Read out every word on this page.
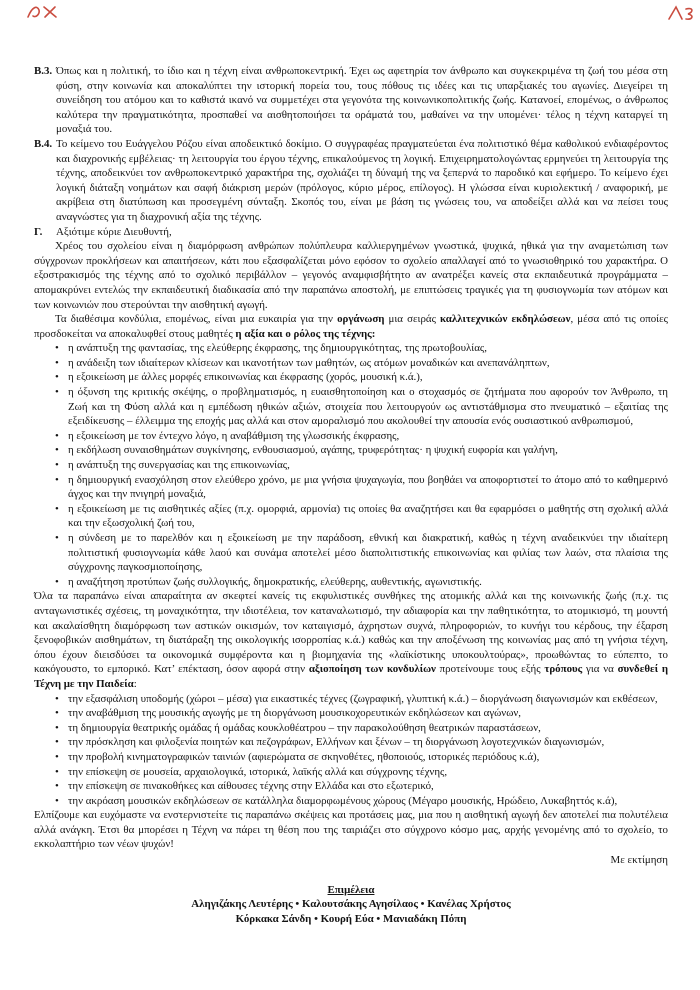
Β.3. Όπως και η πολιτική, το ίδιο και η τέχνη είναι ανθρωποκεντρική. Έχει ως αφετηρία τον άνθρωπο και συγκεκριμένα τη ζωή του μέσα στη φύση, στην κοινωνία και αποκαλύπτει την ιστορική πορεία του, τους πόθους τις ιδέες και τις υπαρξιακές του αγωνίες. Διεγείρει τη συνείδηση του ατόμου και το καθιστά ικανό να συμμετέχει στα γεγονότα της κοινωνικοπολιτικής ζωής. Κατανοεί, επομένως, ο άνθρωπος καλύτερα την πραγματικότητα, προσπαθεί να αισθητοποιήσει τα οράματά του, μαθαίνει να την υπομένει· τέλος η τέχνη καταργεί τη μοναξιά του.

Β.4. Το κείμενο του Ευάγγελου Ρόζου είναι αποδεικτικό δοκίμιο. Ο συγγραφέας πραγματεύεται ένα πολιτιστικό θέμα καθολικού ενδιαφέροντος και διαχρονικής εμβέλειας· τη λειτουργία του έργου τέχνης, επικαλούμενος τη λογική. Επιχειρηματολογώντας ερμηνεύει τη λειτουργία της τέχνης, αποδεικνύει τον ανθρωποκεντρικό χαρακτήρα της, σχολιάζει τη δύναμή της να ξεπερνά το παροδικό και εφήμερο. Το κείμενο έχει λογική διάταξη νοημάτων και σαφή διάκριση μερών (πρόλογος, κύριο μέρος, επίλογος). Η γλώσσα είναι κυριολεκτική / αναφορική, με ακρίβεια στη διατύπωση και προσεγμένη σύνταξη. Σκοπός του, είναι με βάση τις γνώσεις του, να αποδείξει αλλά και να πείσει τους αναγνώστες για τη διαχρονική αξία της τέχνης.

Γ.	Αξιότιμε κύριε Διευθυντή,

Χρέος του σχολείου είναι η διαμόρφωση ανθρώπων πολύπλευρα καλλιεργημένων γνωστικά, ψυχικά, ηθικά για την αναμετώπιση των σύγχρονων προκλήσεων και απαιτήσεων, κάτι που εξασφαλίζεται μόνο εφόσον το σχολείο απαλλαγεί από το γνωσιοθηρικό του χαρακτήρα. Ο εξοστρακισμός της τέχνης από το σχολικό περιβάλλον – γεγονός αναμφισβήτητο αν ανατρέξει κανείς στα εκπαιδευτικά προγράμματα – απομακρύνει εντελώς την εκπαιδευτική διαδικασία από την παραπάνω αποστολή, με επιπτώσεις τραγικές για τη φυσιογνωμία των ατόμων και των κοινωνιών που στερούνται την αισθητική αγωγή.

Τα διαθέσιμα κονδύλια, επομένως, είναι μια ευκαιρία για την οργάνωση μια σειράς καλλιτεχνικών εκδηλώσεων, μέσα από τις οποίες προσδοκείται να αποκαλυφθεί στους μαθητές η αξία και ο ρόλος της τέχνης:

• η ανάπτυξη της φαντασίας, της ελεύθερης έκφρασης, της δημιουργικότητας, της πρωτοβουλίας,
• η ανάδειξη των ιδιαίτερων κλίσεων και ικανοτήτων των μαθητών, ως ατόμων μοναδικών και ανεπανάληπτων,
• η εξοικείωση με άλλες μορφές επικοινωνίας και έκφρασης (χορός, μουσική κ.ά.),
• η όξυνση της κριτικής σκέψης, ο προβληματισμός, η ευαισθητοποίηση και ο στοχασμός σε ζητήματα που αφορούν τον Άνθρωπο, τη Ζωή και τη Φύση αλλά και η εμπέδωση ηθικών αξιών, στοιχεία που λειτουργούν ως αντιστάθμισμα στο πνευματικό – εξαιτίας της εξειδίκευσης – έλλειμμα της εποχής μας αλλά και στον αμοραλισμό που ακολουθεί την απουσία ενός ουσιαστικού ανθρωπισμού,
• η εξοικείωση με τον έντεχνο λόγο, η αναβάθμιση της γλωσσικής έκφρασης,
• η εκδήλωση συναισθημάτων συγκίνησης, ενθουσιασμού, αγάπης, τρυφερότητας· η ψυχική ευφορία και γαλήνη,
• η ανάπτυξη της συνεργασίας και της επικοινωνίας,
• η δημιουργική ενασχόληση στον ελεύθερο χρόνο, με μια γνήσια ψυχαγωγία, που βοηθάει να αποφορτιστεί το άτομο από το καθημερινό άγχος και την πνιγηρή μοναξιά,
• η εξοικείωση με τις αισθητικές αξίες (π.χ. ομορφιά, αρμονία) τις οποίες θα αναζητήσει και θα εφαρμόσει ο μαθητής στη σχολική αλλά και την εξωσχολική ζωή του,
• η σύνδεση με το παρελθόν και η εξοικείωση με την παράδοση, εθνική και διακρατική, καθώς η τέχνη αναδεικνύει την ιδιαίτερη πολιτιστική φυσιογνωμία κάθε λαού και συνάμα αποτελεί μέσο διαπολιτιστικής επικοινωνίας και φιλίας των λαών, στα πλαίσια της σύγχρονης παγκοσμιοποίησης,
• η αναζήτηση προτύπων ζωής συλλογικής, δημοκρατικής, ελεύθερης, αυθεντικής, αγωνιστικής.

Όλα τα παραπάνω είναι απαραίτητα αν σκεφτεί κανείς τις εκφυλιστικές συνθήκες της ατομικής αλλά και της κοινωνικής ζωής (π.χ. τις ανταγωνιστικές σχέσεις, τη μοναχικότητα, την ιδιοτέλεια, τον καταναλωτισμό, την αδιαφορία και την παθητικότητα, το ατομικισμό, τη μουντή και ακαλαίσθητη διαμόρφωση των αστικών οικισμών, τον καταιγισμό, άχρηστων συχνά, πληροφοριών, το κυνήγι του κέρδους, την έξαρση ξενοφοβικών αισθημάτων, τη διατάραξη της οικολογικής ισορροπίας κ.ά.) καθώς και την αποξένωση της κοινωνίας μας από τη γνήσια τέχνη, όπου έχουν διεισδύσει τα οικονομικά συμφέροντα και η βιομηχανία της «λαϊκίστικης υποκουλτούρας», προωθώντας το εύπεπτο, το κακόγουστο, το εμπορικό. Κατ’ επέκταση, όσον αφορά στην αξιοποίηση των κονδυλίων προτείνουμε τους εξής τρόπους για να συνδεθεί η Τέχνη με την Παιδεία:

• την εξασφάλιση υποδομής (χώροι – μέσα) για εικαστικές τέχνες (ζωγραφική, γλυπτική κ.ά.) – διοργάνωση διαγωνισμών και εκθέσεων,
• την αναβάθμιση της μουσικής αγωγής με τη διοργάνωση μουσικοχορευτικών εκδηλώσεων και αγώνων,
• τη δημιουργία θεατρικής ομάδας ή ομάδας κουκλοθέατρου – την παρακολούθηση θεατρικών παραστάσεων,
• την πρόσκληση και φιλοξενία ποιητών και πεζογράφων, Ελλήνων και ξένων – τη διοργάνωση λογοτεχνικών διαγωνισμών,
• την προβολή κινηματογραφικών ταινιών (αφιερώματα σε σκηνοθέτες, ηθοποιούς, ιστορικές περιόδους κ.ά),
• την επίσκεψη σε μουσεία, αρχαιολογικά, ιστορικά, λαϊκής αλλά και σύγχρονης τέχνης,
• την επίσκεψη σε πινακοθήκες και αίθουσες τέχνης στην Ελλάδα και στο εξωτερικό,
• την ακρόαση μουσικών εκδηλώσεων σε κατάλληλα διαμορφωμένους χώρους (Μέγαρο μουσικής, Ηρώδειο, Λυκαβηττός κ.ά),

Ελπίζουμε και ευχόμαστε να ενστερνιστείτε τις παραπάνω σκέψεις και προτάσεις μας, μια που η αισθητική αγωγή δεν αποτελεί πια πολυτέλεια αλλά ανάγκη. Έτσι θα μπορέσει η Τέχνη να πάρει τη θέση που της ταιριάζει στο σύγχρονο κόσμο μας, αρχής γενομένης από το σχολείο, το εκκολαπτήριο των νέων ψυχών!

Με εκτίμηση

Επιμέλεια

Αληγιζάκης Λευτέρης • Καλουτσάκης Αγησίλαος • Κανέλας Χρήστος

Κόρκακα Σάνδη • Κουρή Εύα • Μανιαδάκη Πόπη
